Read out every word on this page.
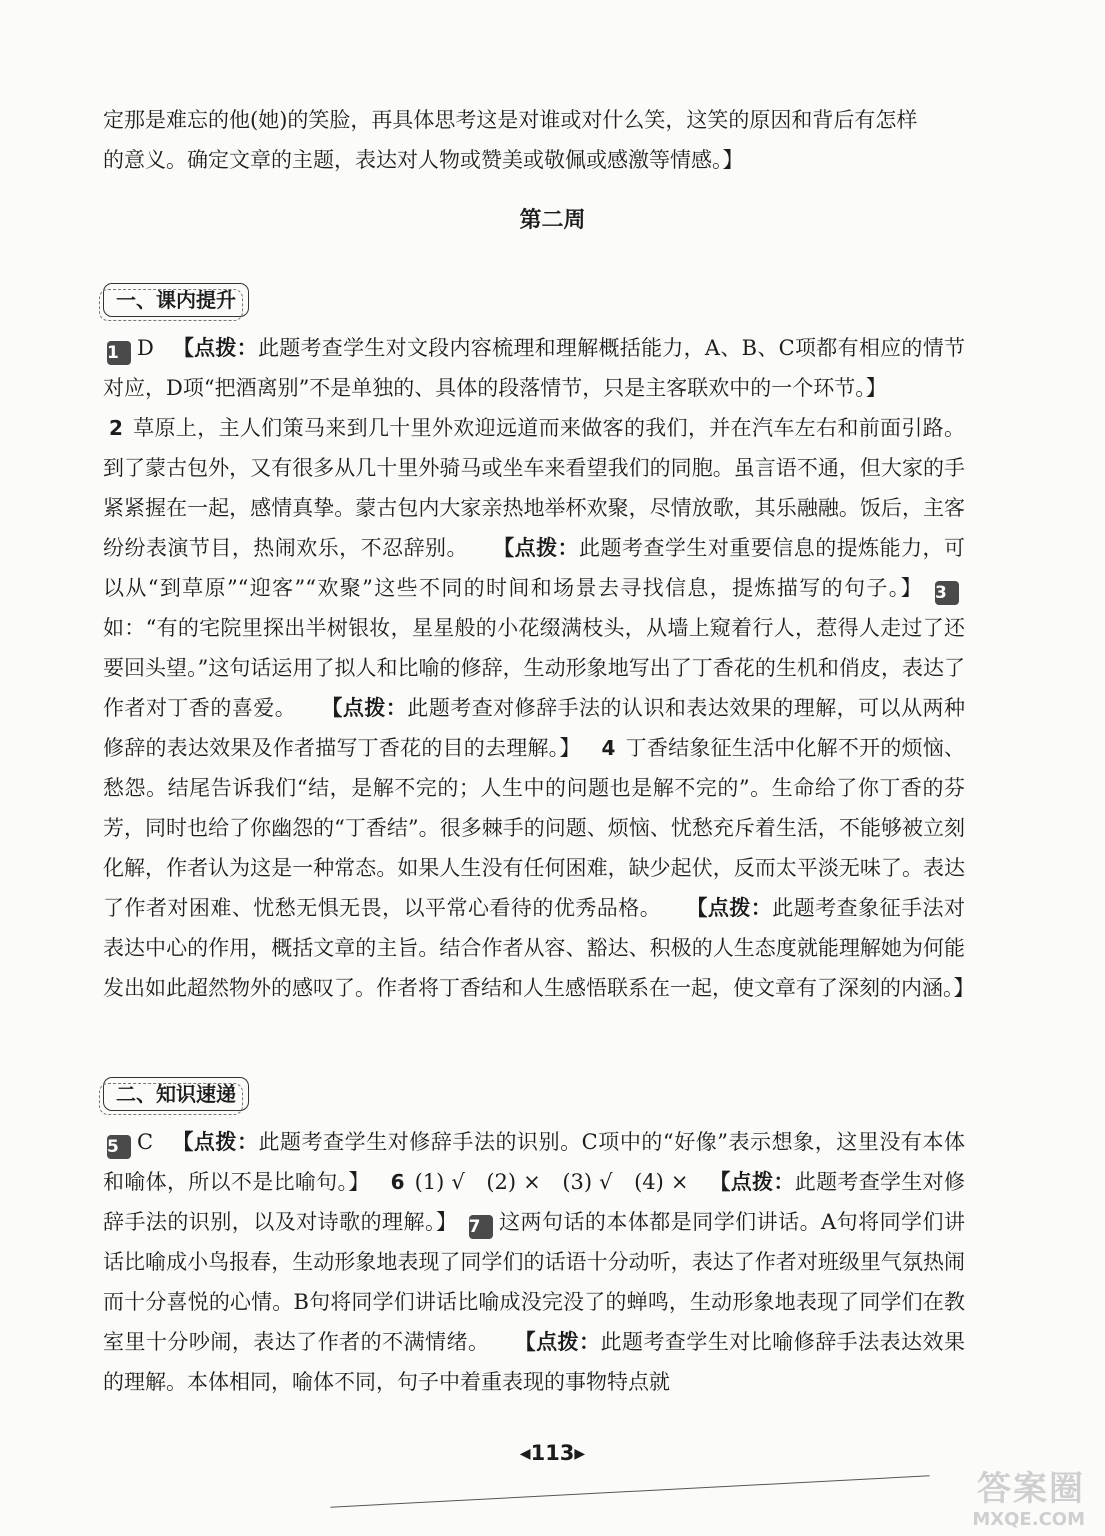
定那是难忘的他(她)的笑脸，再具体思考这是对谁或对什么笑，这笑的原因和背后有怎样
的意义。确定文章的主题，表达对人物或赞美或敬佩或感激等情感。】
第二周
一、课内提升
1 D 【点拨：此题考查学生对文段内容梳理和理解概括能力，A、B、C项都有相应的情节对应，D项“把酒离别”不是单独的、具体的段落情节，只是主客联欢中的一个环节。】
2 草原上，主人们策马来到几十里外欢迎远道而来做客的我们，并在汽车左右和前面引路。到了蒙古包外，又有很多从几十里外骑马或坐车来看望我们的同胞。虽言语不通，但大家的手紧紧握在一起，感情真挚。蒙古包内大家亲热地举杯欢聚，尽情放歌，其乐融融。饭后，主客纷纷表演节目，热闹欢乐，不忍辞别。 【点拨：此题考查学生对重要信息的提炼能力，可以从“到草原”“迎客”“欢聚”这些不同的时间和场景去寻找信息，提炼描写的句子。】 3如：“有的宅院里探出半树银妆，星星般的小花缀满枝头，从墙上窥着行人，惹得人走过了还要回头望。”这句话运用了拟人和比喻的修辞，生动形象地写出了丁香花的生机和俏皮，表达了作者对丁香的喜爱。 【点拨：此题考查对修辞手法的认识和表达效果的理解，可以从两种修辞的表达效果及作者描写丁香花的目的去理解。】 4 丁香结象征生活中化解不开的烦恼、愁怨。结尾告诉我们“结，是解不完的；人生中的问题也是解不完的”。生命给了你丁香的芬芳，同时也给了你幽怨的“丁香结”。很多棘手的问题、烦恼、忧愁充斥着生活，不能够被立刻化解，作者认为这是一种常态。如果人生没有任何困难，缺少起伏，反而太平淡无味了。表达了作者对困难、忧愁无惧无畏，以平常心看待的优秀品格。 【点拨：此题考查象征手法对表达中心的作用，概括文章的主旨。结合作者从容、豁达、积极的人生态度就能理解她为何能发出如此超然物外的感叹了。作者将丁香结和人生感悟联系在一起，使文章有了深刻的内涵。】
二、知识速递
5 C 【点拨：此题考查学生对修辞手法的识别。C项中的“好像”表示想象，这里没有本体和喻体，所以不是比喻句。】 6 (1) √　(2) ×　(3) √　(4) × 【点拨：此题考查学生对修辞手法的识别，以及对诗歌的理解。】 7 这两句话的本体都是同学们讲话。A句将同学们讲话比喻成小鸟报春，生动形象地表现了同学们的话语十分动听，表达了作者对班级里气氛热闹而十分喜悦的心情。B句将同学们讲话比喻成没完没了的蝉鸣，生动形象地表现了同学们在教室里十分吵闹，表达了作者的不满情绪。 【点拨：此题考查学生对比喻修辞手法表达效果的理解。本体相同，喻体不同，句子中着重表现的事物特点就
◀113▶
答案圈
MXQE.COM
